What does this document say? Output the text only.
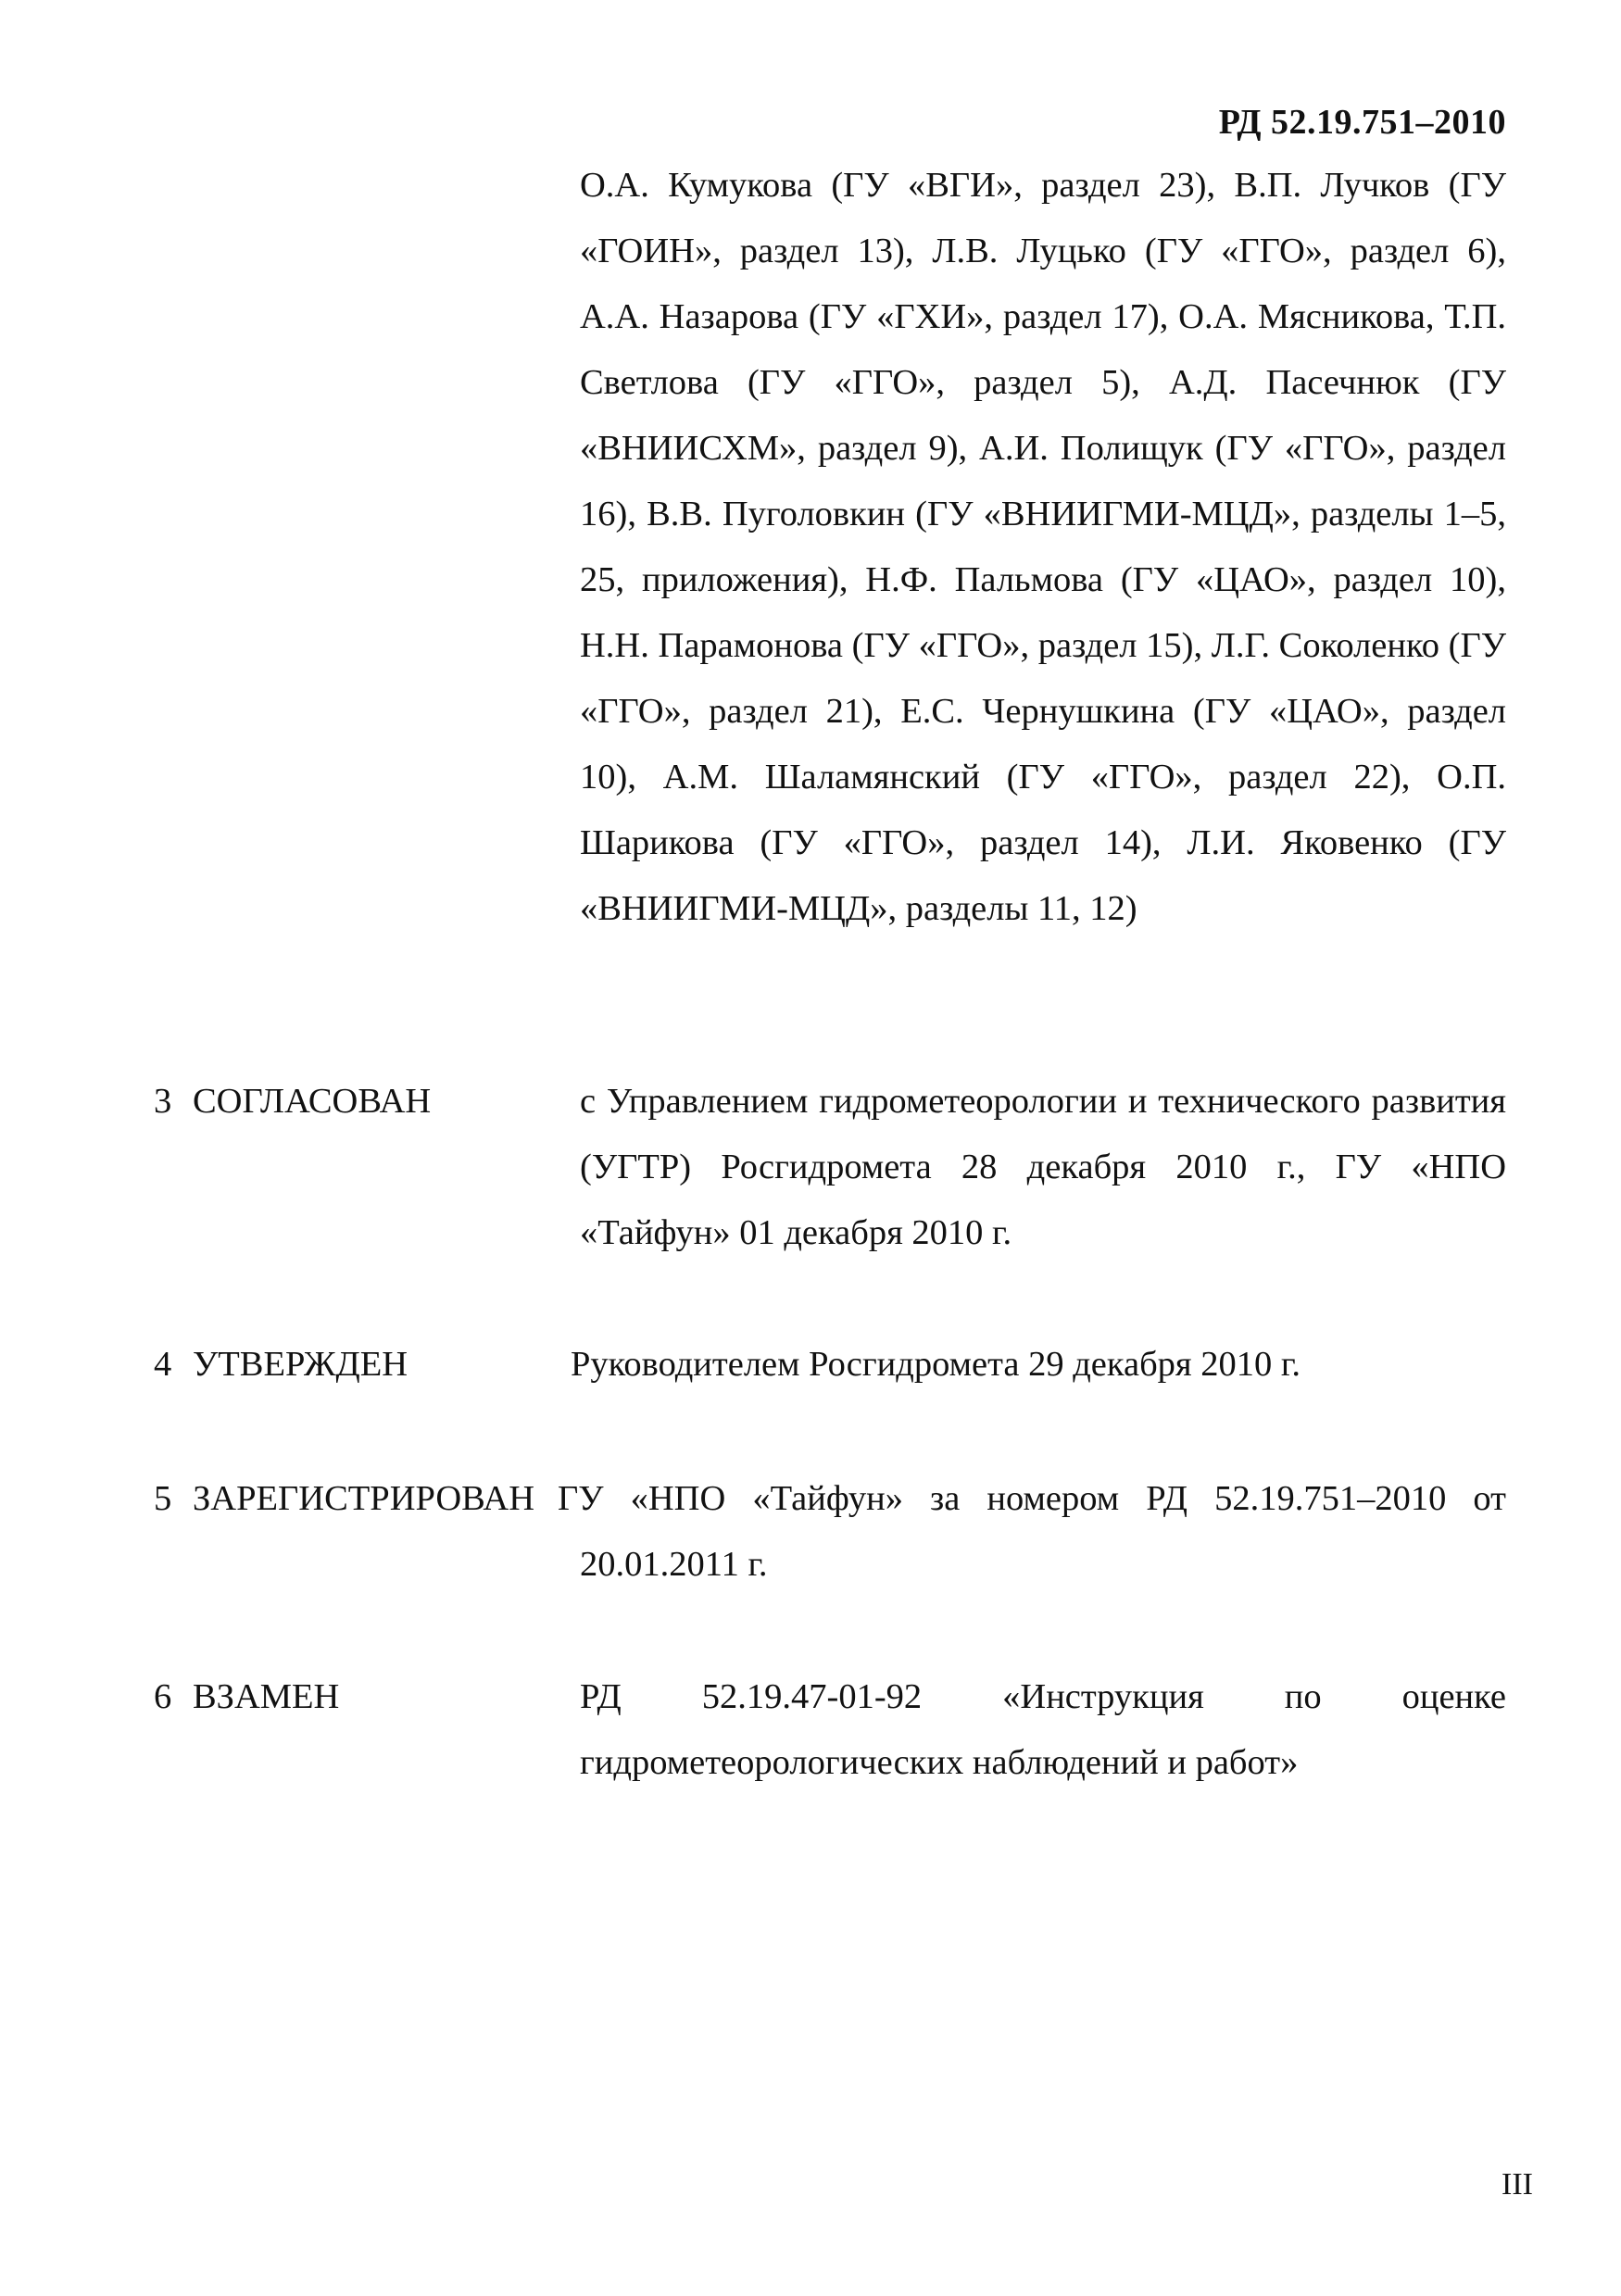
РД 52.19.751–2010
О.А. Кумукова (ГУ «ВГИ», раздел 23), В.П. Лучков (ГУ «ГОИН», раздел 13), Л.В. Луцько (ГУ «ГГО», раздел 6), А.А. Назарова (ГУ «ГХИ», раздел 17), О.А. Мясникова, Т.П. Светлова (ГУ «ГГО», раздел 5), А.Д. Пасечнюк (ГУ «ВНИИСХМ», раздел 9), А.И. Полищук (ГУ «ГГО», раздел 16), В.В. Пуголовкин (ГУ «ВНИИГМИ-МЦД», разделы 1–5, 25, приложения), Н.Ф. Пальмова (ГУ «ЦАО», раздел 10), Н.Н. Парамонова (ГУ «ГГО», раздел 15), Л.Г. Соколенко (ГУ «ГГО», раздел 21), Е.С. Чернушкина (ГУ «ЦАО», раздел 10), А.М. Шаламянский (ГУ «ГГО», раздел 22), О.П. Шарикова (ГУ «ГГО», раздел 14), Л.И. Яковенко (ГУ «ВНИИГМИ-МЦД», разделы 11, 12)
3 СОГЛАСОВАН	с Управлением гидрометеорологии и технического развития (УГТР) Росгидромета 28 декабря 2010 г., ГУ «НПО «Тайфун» 01 декабря 2010 г.
4 УТВЕРЖДЕН	Руководителем Росгидромета 29 декабря 2010 г.
5 ЗАРЕГИСТРИРОВАН ГУ «НПО «Тайфун» за номером РД 52.19.751–2010 от
20.01.2011 г.
6 ВЗАМЕН	РД 52.19.47-01-92 «Инструкция по оценке гидрометеорологических наблюдений и работ»
III
